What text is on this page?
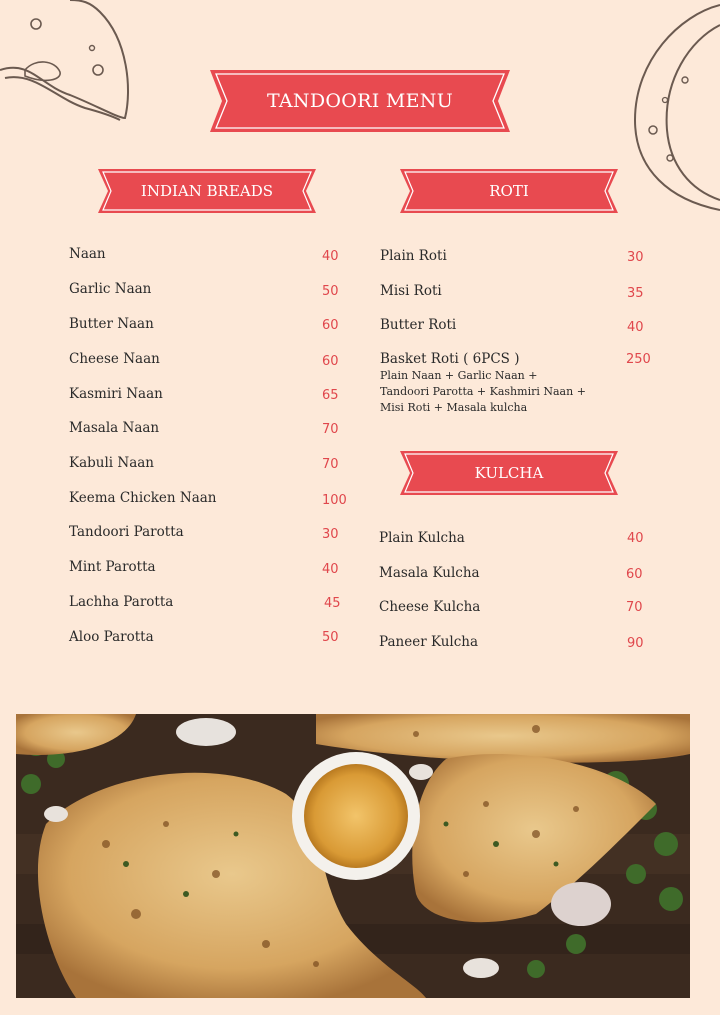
TANDOORI MENU
INDIAN BREADS	ROTI
KULCHA
Naan	40
Garlic Naan	50
Butter Naan	60
Cheese Naan	60
Kasmiri Naan	65
Masala Naan	70
Kabuli Naan	70
Keema Chicken Naan	100
Tandoori Parotta	30
Mint Parotta	40
Lachha Parotta	45
Aloo Parotta	50
Plain Roti	30
Misi Roti	35
Butter Roti	40
Basket Roti ( 6PCS )	250
Plain Naan + Garlic Naan +
Tandoori Parotta + Kashmiri Naan +
Misi Roti + Masala kulcha
Plain Kulcha	40
Masala Kulcha	60
Cheese Kulcha	70
Paneer Kulcha	90
